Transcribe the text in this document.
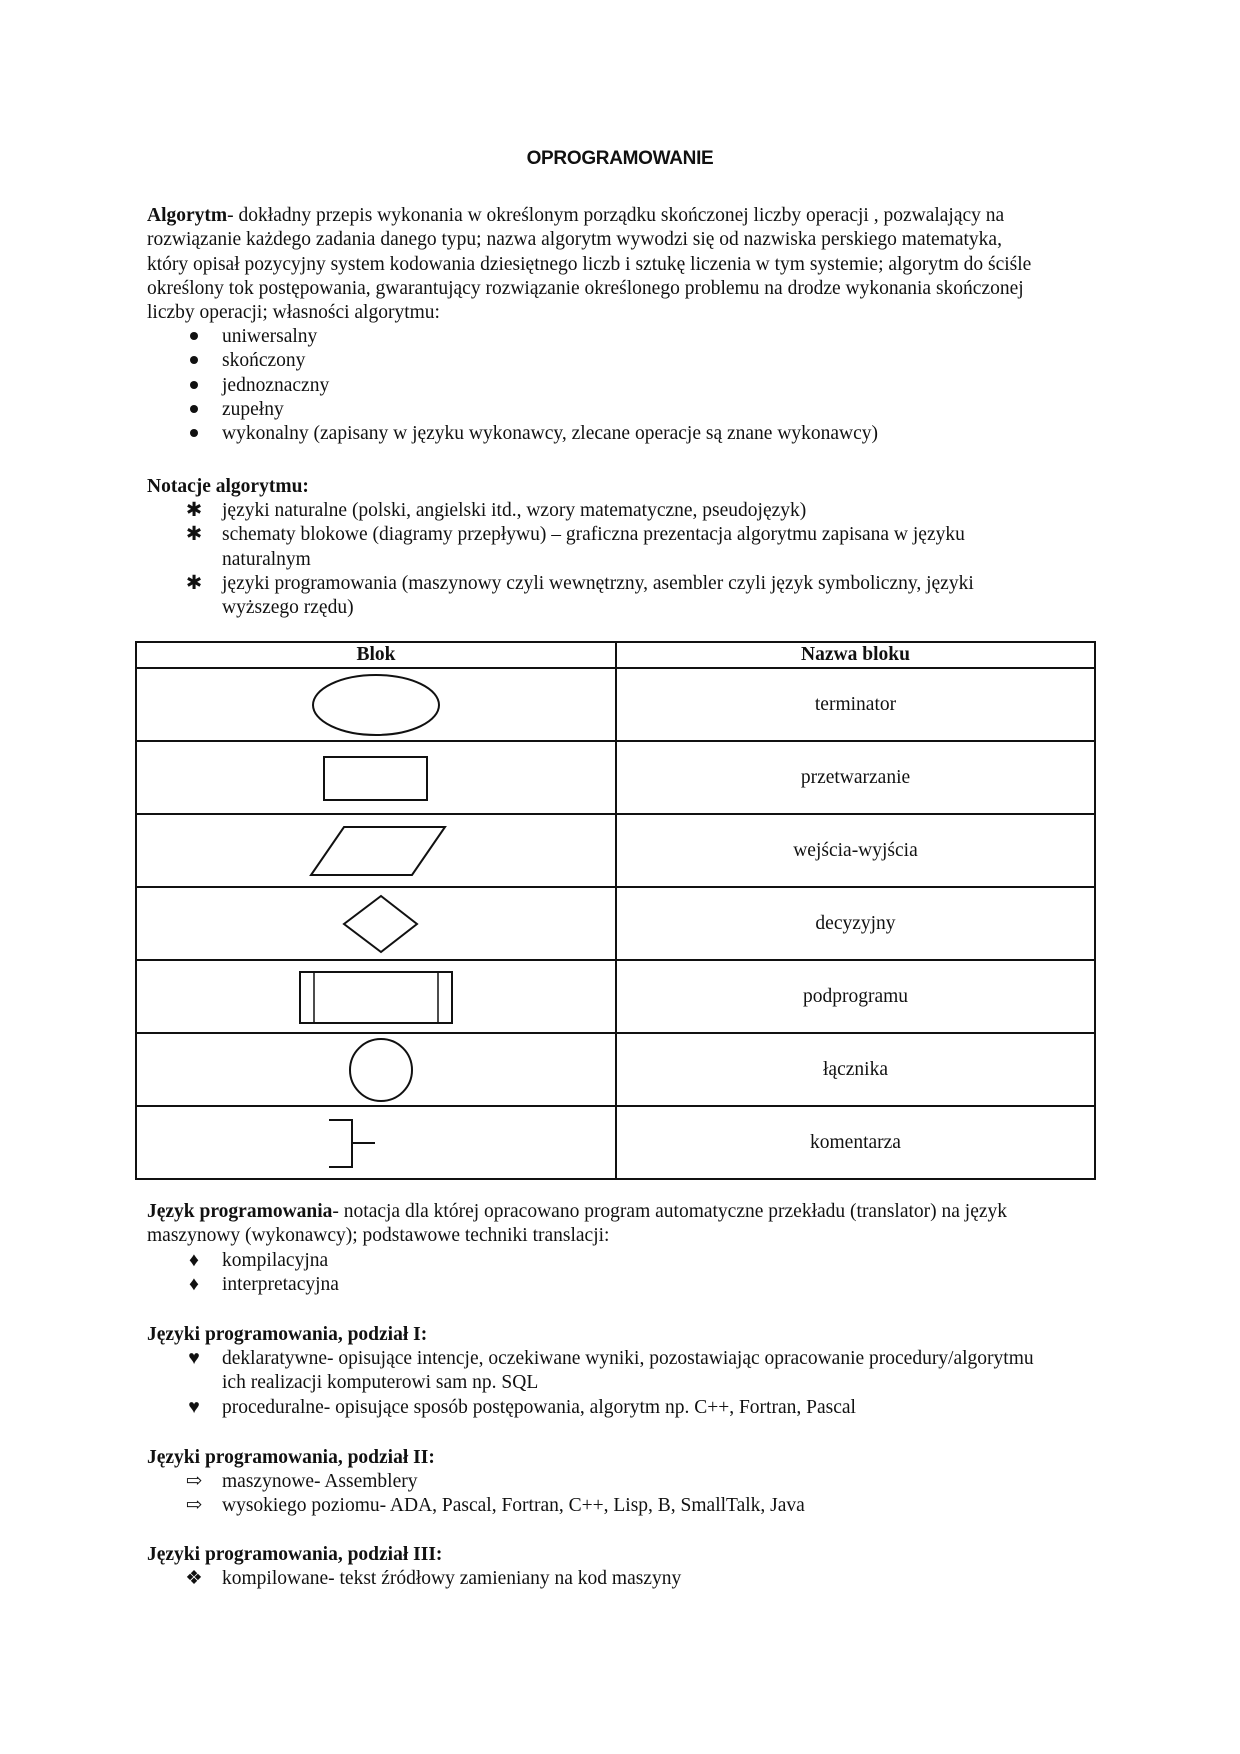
OPROGRAMOWANIE
Algorytm- dokładny przepis wykonania w określonym porządku skończonej liczby operacji , pozwalający na
rozwiązanie każdego zadania danego typu; nazwa algorytm wywodzi się od nazwiska perskiego matematyka,
który opisał pozycyjny system kodowania dziesiętnego liczb i sztukę liczenia w tym systemie; algorytm do ściśle
określony tok postępowania, gwarantujący rozwiązanie określonego problemu na drodze wykonania skończonej
liczby operacji; własności algorytmu:
uniwersalny
skończony
jednoznaczny
zupełny
wykonalny (zapisany w języku wykonawcy, zlecane operacje są znane wykonawcy)
Notacje algorytmu:
✱ języki naturalne (polski, angielski itd., wzory matematyczne, pseudojęzyk)
✱ schematy blokowe (diagramy przepływu) – graficzna prezentacja algorytmu zapisana w języku
naturalnym
✱ języki programowania (maszynowy czyli wewnętrzny, asembler czyli język symboliczny, języki
wyższego rzędu)
Blok	Nazwa bloku

	terminator

	przetwarzanie

	wejścia-wyjścia

	decyzyjny

	podprogramu

	łącznika

	komentarza
Język programowania- notacja dla której opracowano program automatyczne przekładu (translator) na język
maszynowy (wykonawcy); podstawowe techniki translacji:
♦ kompilacyjna
♦ interpretacyjna
Języki programowania, podział I:
♥ deklaratywne- opisujące intencje, oczekiwane wyniki, pozostawiając opracowanie procedury/algorytmu
ich realizacji komputerowi sam np. SQL
♥ proceduralne- opisujące sposób postępowania, algorytm np. C++, Fortran, Pascal
Języki programowania, podział II:
⇨ maszynowe- Assemblery
⇨ wysokiego poziomu- ADA, Pascal, Fortran, C++, Lisp, B, SmallTalk, Java
Języki programowania, podział III:
❖ kompilowane- tekst źródłowy zamieniany na kod maszyny
